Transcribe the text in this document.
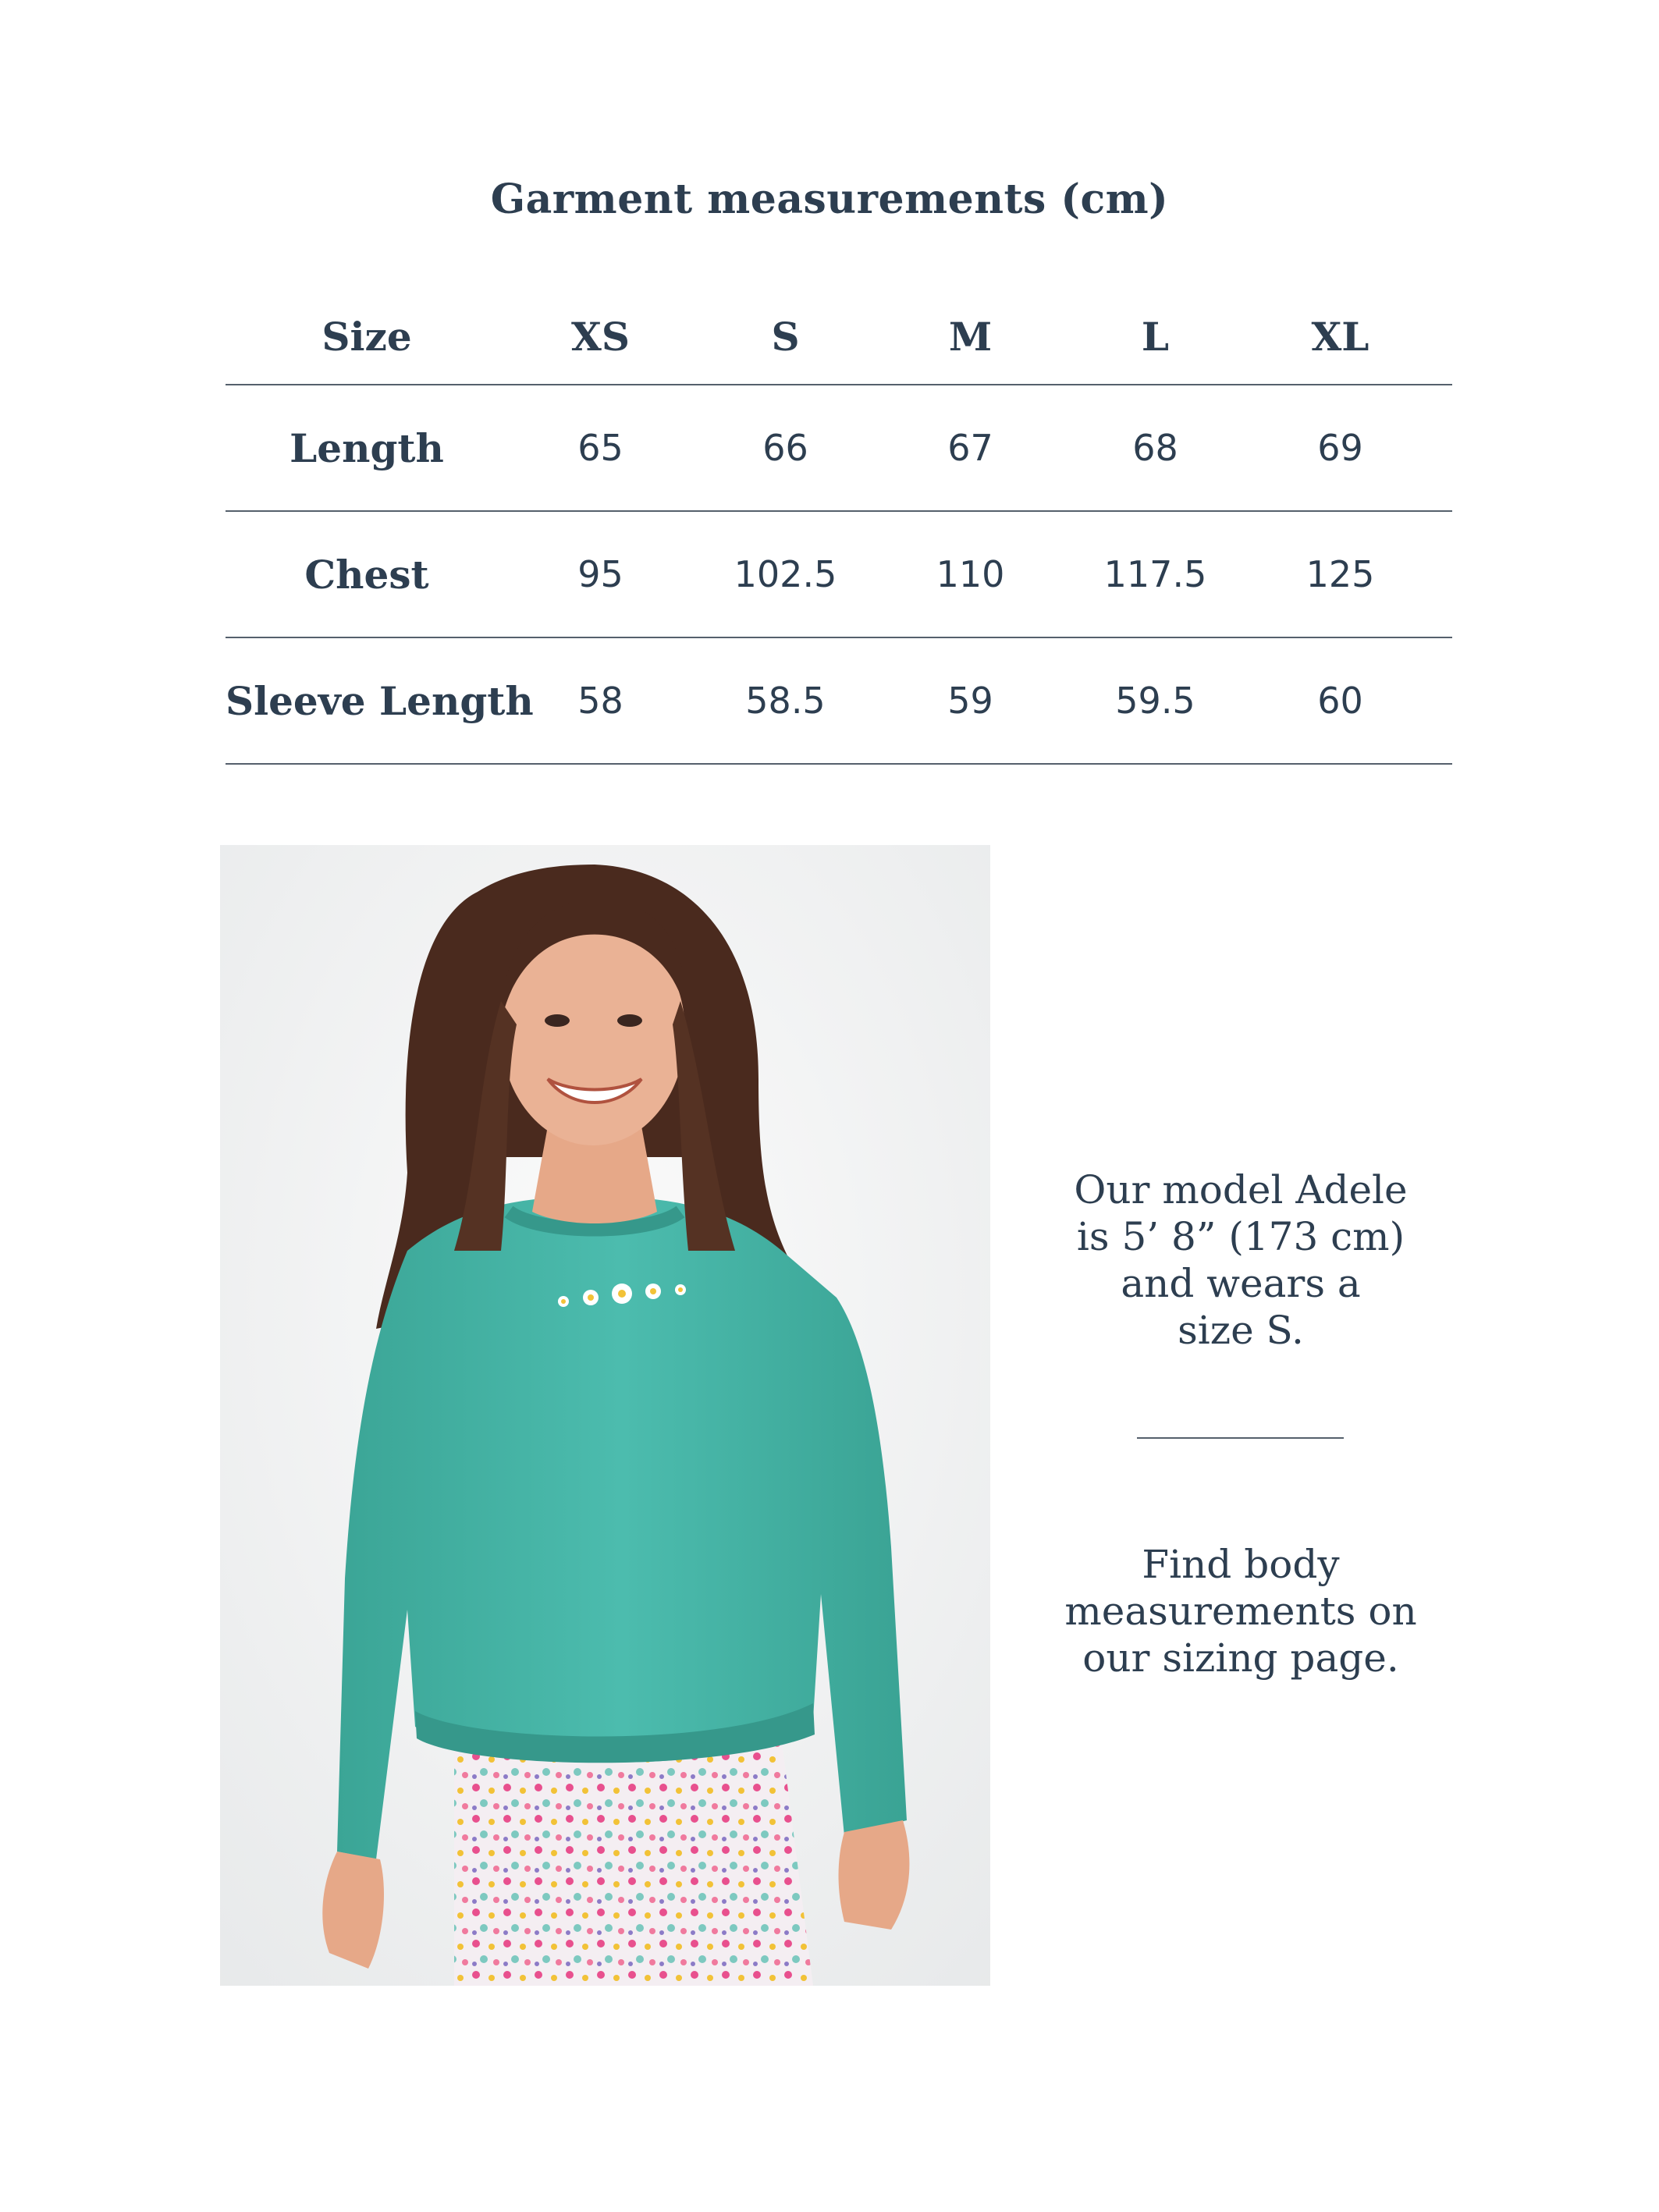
Garment measurements (cm)
Size	XS	S	M	L	XL
Length	65	66	67	68	69
Chest	95	102.5	110	117.5	125
Sleeve Length	58	58.5	59	59.5	60
Our model Adele
is 5’ 8” (173 cm)
and wears a
size S.
Find body
measurements on
our sizing page.
